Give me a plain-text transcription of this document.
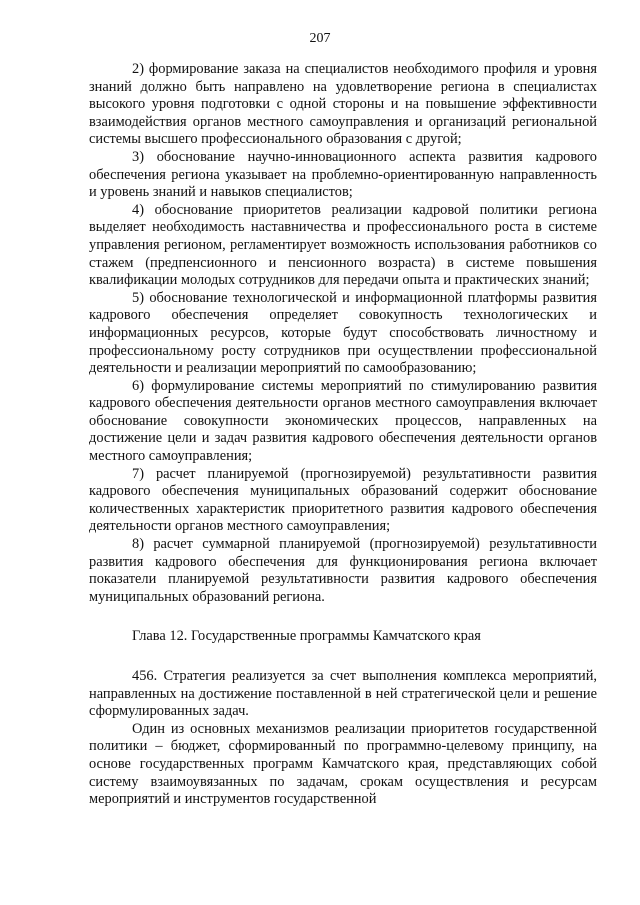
207

2) формирование заказа на специалистов необходимого профиля и уровня знаний должно быть направлено на удовлетворение региона в специалистах высокого уровня подготовки с одной стороны и на повышение эффективности взаимодействия органов местного самоуправления и организаций региональной системы высшего профессионального образования с другой;

3) обоснование научно-инновационного аспекта развития кадрового обеспечения региона указывает на проблемно-ориентированную направленность и уровень знаний и навыков специалистов;

4) обоснование приоритетов реализации кадровой политики региона выделяет необходимость наставничества и профессионального роста в системе управления регионом, регламентирует возможность использования работников со стажем (предпенсионного и пенсионного возраста) в системе повышения квалификации молодых сотрудников для передачи опыта и практических знаний;

5) обоснование технологической и информационной платформы развития кадрового обеспечения определяет совокупность технологических и информационных ресурсов, которые будут способствовать личностному и профессиональному росту сотрудников при осуществлении профессиональной деятельности и реализации мероприятий по самообразованию;

6) формулирование системы мероприятий по стимулированию развития кадрового обеспечения деятельности органов местного самоуправления включает обоснование совокупности экономических процессов, направленных на достижение цели и задач развития кадрового обеспечения деятельности органов местного самоуправления;

7) расчет планируемой (прогнозируемой) результативности развития кадрового обеспечения муниципальных образований содержит обоснование количественных характеристик приоритетного развития кадрового обеспечения деятельности органов местного самоуправления;

8) расчет суммарной планируемой (прогнозируемой) результативности развития кадрового обеспечения для функционирования региона включает показатели планируемой результативности развития кадрового обеспечения муниципальных образований региона.

Глава 12. Государственные программы Камчатского края

456. Стратегия реализуется за счет выполнения комплекса мероприятий, направленных на достижение поставленной в ней стратегической цели и решение сформулированных задач.

Один из основных механизмов реализации приоритетов государственной политики – бюджет, сформированный по программно-целевому принципу, на основе государственных программ Камчатского края, представляющих собой систему взаимоувязанных по задачам, срокам осуществления и ресурсам мероприятий и инструментов государственной
